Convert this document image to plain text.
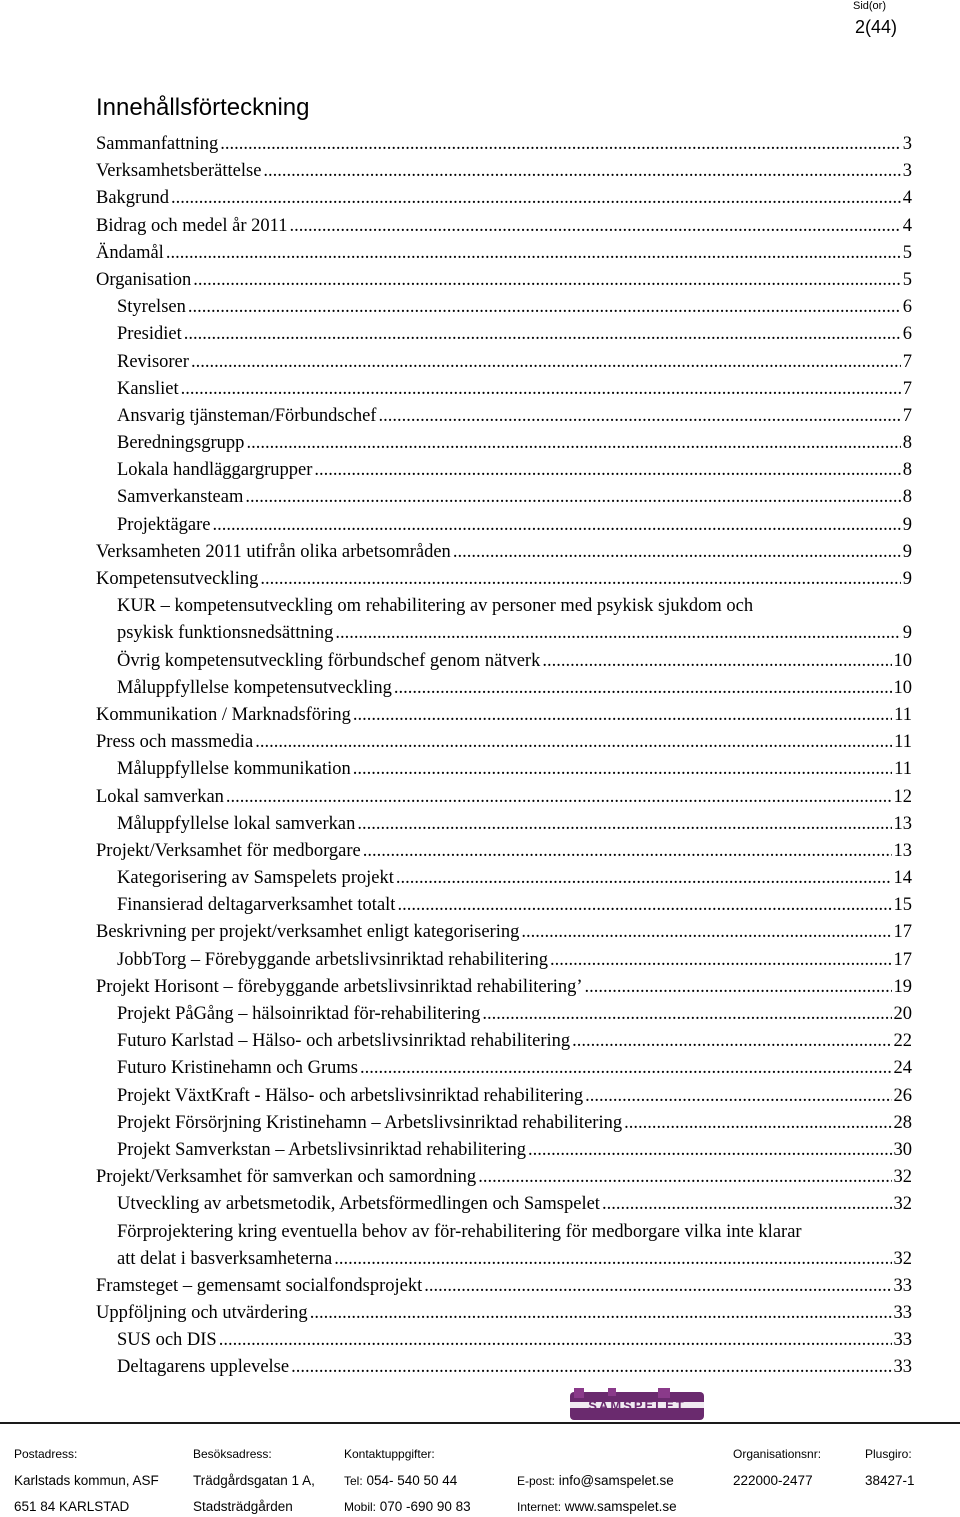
Sid(or)
2(44)
Innehållsförteckning
Sammanfattning .....	3
Verksamhetsberättelse .....	3
Bakgrund .....	4
Bidrag och medel år 2011 .....	4
Ändamål .....	5
Organisation .....	5
Styrelsen .....	6
Presidiet .....	6
Revisorer .....	7
Kansliet .....	7
Ansvarig tjänsteman/Förbundschef .....	7
Beredningsgrupp .....	8
Lokala handläggargrupper .....	8
Samverkansteam .....	8
Projektägare .....	9
Verksamheten 2011 utifrån olika arbetsområden .....	9
Kompetensutveckling .....	9
KUR – kompetensutveckling om rehabilitering av personer med psykisk sjukdom och
psykisk funktionsnedsättning .....	9
Övrig kompetensutveckling förbundschef genom nätverk .....	10
Måluppfyllelse kompetensutveckling .....	10
Kommunikation / Marknadsföring .....	11
Press och massmedia .....	11
Måluppfyllelse kommunikation .....	11
Lokal samverkan .....	12
Måluppfyllelse lokal samverkan .....	13
Projekt/Verksamhet för medborgare .....	13
Kategorisering av Samspelets projekt .....	14
Finansierad deltagarverksamhet totalt .....	15
Beskrivning per projekt/verksamhet enligt kategorisering .....	17
JobbTorg – Förebyggande arbetslivsinriktad rehabilitering .....	17
Projekt Horisont – förebyggande arbetslivsinriktad rehabilitering’ .....	19
Projekt PåGång – hälsoinriktad för-rehabilitering .....	20
Futuro Karlstad – Hälso- och arbetslivsinriktad rehabilitering .....	22
Futuro Kristinehamn och Grums .....	24
Projekt VäxtKraft - Hälso- och arbetslivsinriktad rehabilitering .....	26
Projekt Försörjning Kristinehamn – Arbetslivsinriktad rehabilitering .....	28
Projekt Samverkstan – Arbetslivsinriktad rehabilitering .....	30
Projekt/Verksamhet för samverkan och samordning .....	32
Utveckling av arbetsmetodik, Arbetsförmedlingen och Samspelet .....	32
Förprojektering kring eventuella behov av för-rehabilitering för medborgare vilka inte klarar
att delat i basverksamheterna .....	32
Framsteget – gemensamt socialfondsprojekt .....	33
Uppföljning och utvärdering .....	33
SUS och DIS .....	33
Deltagarens upplevelse .....	33
SAMSPELET
Postadress:
Karlstads kommun, ASF
651 84 KARLSTAD
Besöksadress:
Trädgårdsgatan 1 A,
Stadsträdgården
Kontaktuppgifter:
Tel: 054- 540 50 44
Mobil: 070 -690 90 83
E-post: info@samspelet.se
Internet: www.samspelet.se
Organisationsnr:
222000-2477
Plusgiro:
38427-1
